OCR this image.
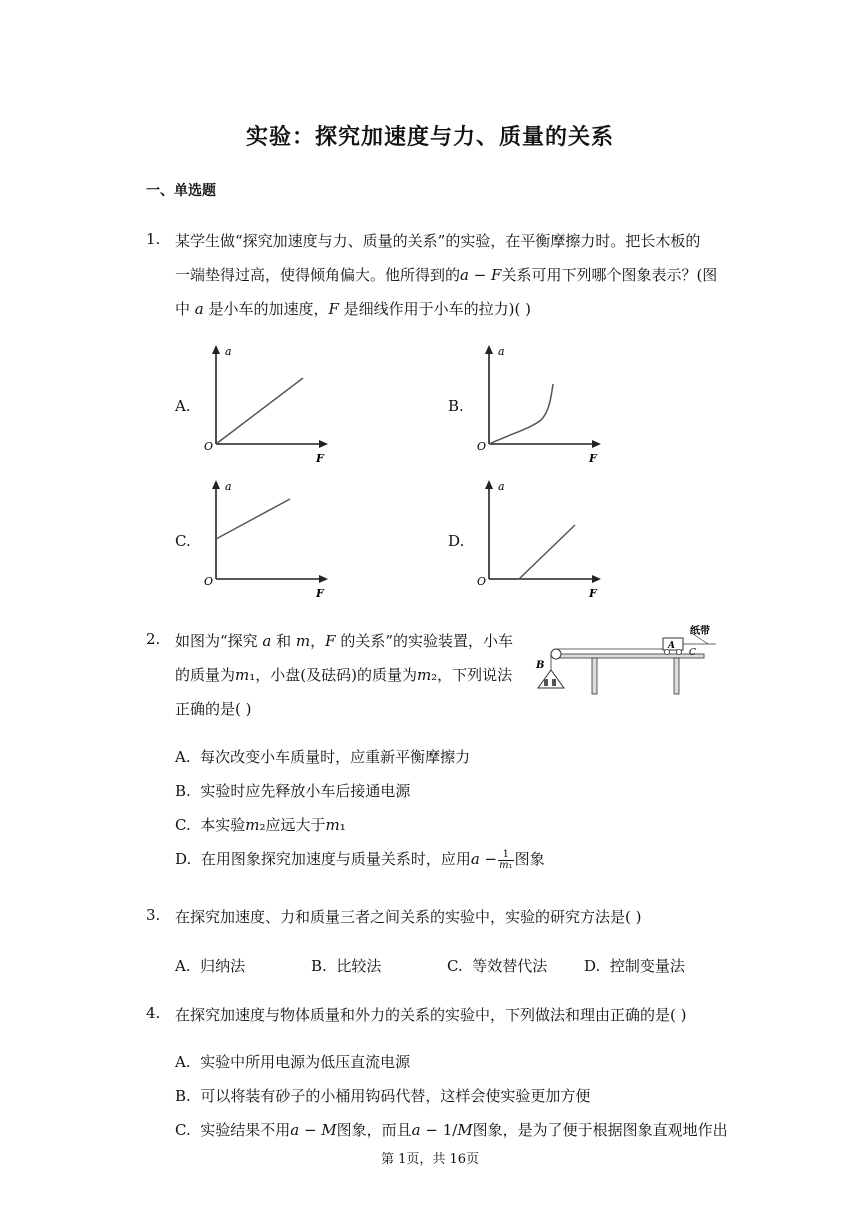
实验：探究加速度与力、质量的关系
一、单选题
1. 某学生做“探究加速度与力、质量的关系”的实验，在平衡摩擦力时。把长木板的
一端垫得过高，使得倾角偏大。他所得到的𝑎 − 𝐹关系可用下列哪个图象表示？(图
中 𝑎 是小车的加速度，𝐹 是细线作用于小车的拉力)( )
A.
a
O
F
B.
a
O
F
C.
a
O
F
D.
a
O
F
2. 如图为“探究 𝑎 和 𝑚，𝐹 的关系”的实验装置，小车
的质量为𝑚₁，小盘(及砝码)的质量为𝑚₂，下列说法
正确的是( )
B
A
纸带
C
A. 每次改变小车质量时，应重新平衡摩擦力
B. 实验时应先释放小车后接通电源
C. 本实验𝑚₂应远大于𝑚₁
D. 在用图象探究加速度与质量关系时，应用𝑎 − $\frac{1}{\text{𝑚₁}}$ 图象
3. 在探究加速度、力和质量三者之间关系的实验中，实验的研究方法是( )
A. 归纳法	B. 比较法	C. 等效替代法 D. 控制变量法
4. 在探究加速度与物体质量和外力的关系的实验中，下列做法和理由正确的是( )
A. 实验中所用电源为低压直流电源
B. 可以将装有砂子的小桶用钩码代替，这样会使实验更加方便
C. 实验结果不用𝑎 − 𝑀图象，而且𝑎 − 1/𝑀图象，是为了便于根据图象直观地作出
第 1页，共 16页
